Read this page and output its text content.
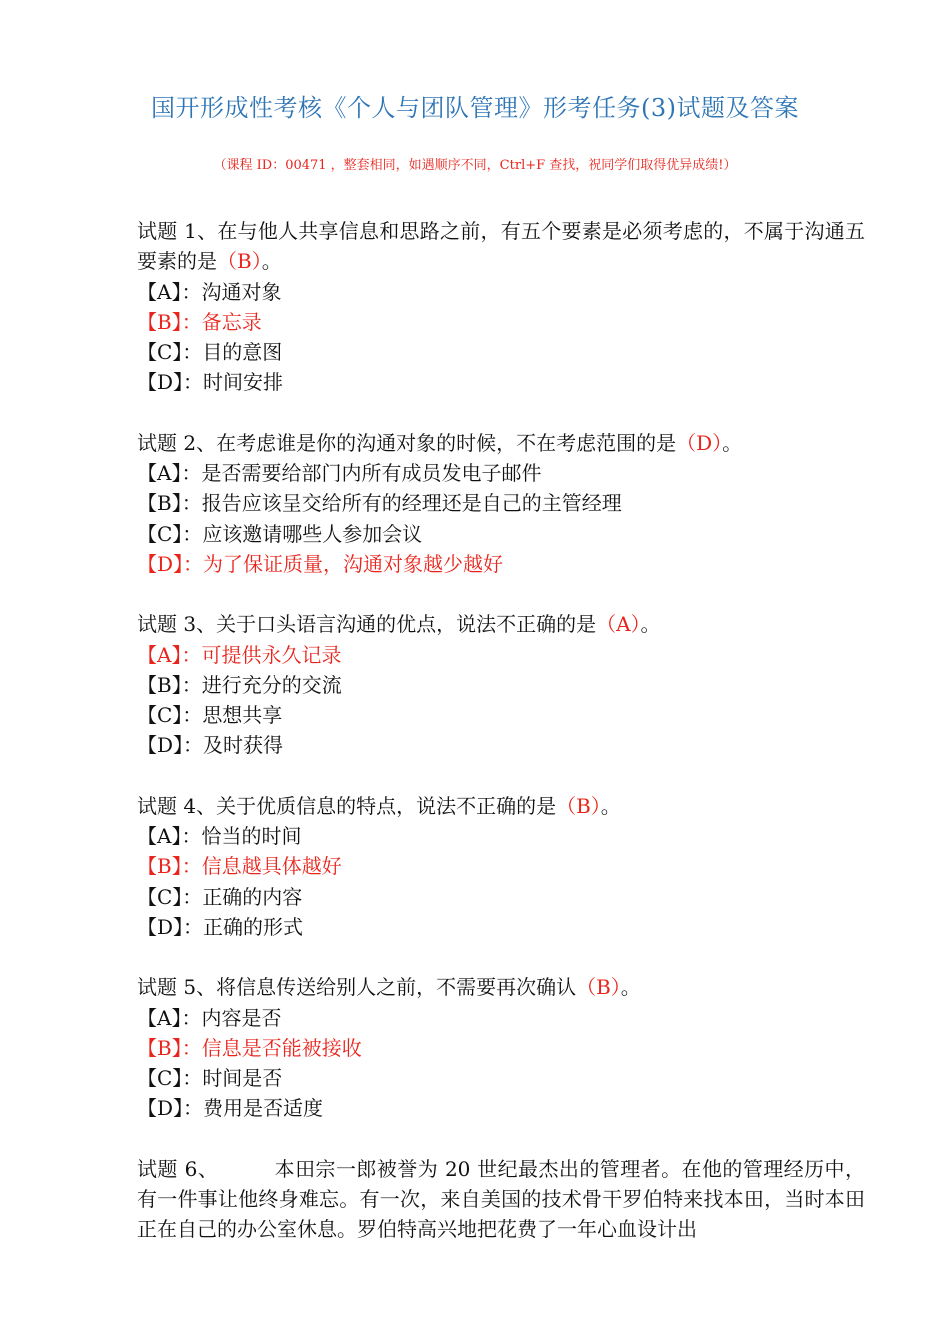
国开形成性考核《个人与团队管理》形考任务(3)试题及答案
（课程 ID：00471 ，整套相同，如遇顺序不同，Ctrl+F 查找，祝同学们取得优异成绩!）
试题 1、在与他人共享信息和思路之前，有五个要素是必须考虑的，不属于沟通五要素的是（B）。
【A】：沟通对象
【B】：备忘录
【C】：目的意图
【D】：时间安排
试题 2、在考虑谁是你的沟通对象的时候，不在考虑范围的是（D）。
【A】：是否需要给部门内所有成员发电子邮件
【B】：报告应该呈交给所有的经理还是自己的主管经理
【C】：应该邀请哪些人参加会议
【D】：为了保证质量，沟通对象越少越好
试题 3、关于口头语言沟通的优点，说法不正确的是（A）。
【A】：可提供永久记录
【B】：进行充分的交流
【C】：思想共享
【D】：及时获得
试题 4、关于优质信息的特点，说法不正确的是（B）。
【A】：恰当的时间
【B】：信息越具体越好
【C】：正确的内容
【D】：正确的形式
试题 5、将信息传送给别人之前，不需要再次确认（B）。
【A】：内容是否
【B】：信息是否能被接收
【C】：时间是否
【D】：费用是否适度
试题 6、	本田宗一郎被誉为 20 世纪最杰出的管理者。在他的管理经历中，有一件事让他终身难忘。有一次，来自美国的技术骨干罗伯特来找本田，当时本田正在自己的办公室休息。罗伯特高兴地把花费了一年心血设计出
